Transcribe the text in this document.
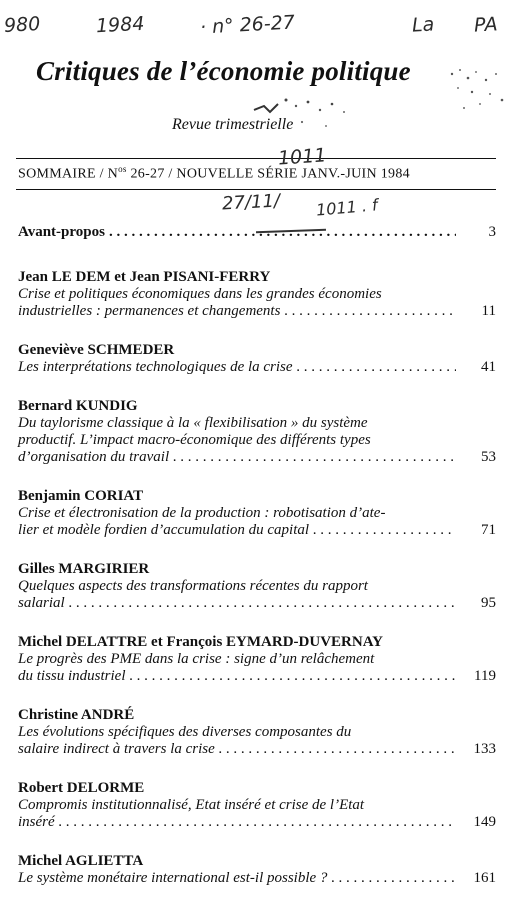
980	1984	· n° 26-27	La PA
Critiques de l’économie politique
Revue trimestrielle
SOMMAIRE / $N^{os}$ 26-27 / NOUVELLE SÉRIE JANV.-JUIN 1984
1011
27/11/ 1011 . f
Avant-propos . . .	3
Jean LE DEM et Jean PISANI-FERRY
Crise et politiques économiques dans les grandes économies
industrielles : permanences et changements . . .	11
Geneviève SCHMEDER
Les interprétations technologiques de la crise . . .	41
Bernard KUNDIG
Du taylorisme classique à la « flexibilisation » du système
productif. L’impact macro-économique des différents types
d’organisation du travail . . .	53
Benjamin CORIAT
Crise et électronisation de la production : robotisation d’ate-
lier et modèle fordien d’accumulation du capital . . .	71
Gilles MARGIRIER
Quelques aspects des transformations récentes du rapport
salarial . . .	95
Michel DELATTRE et François EYMARD-DUVERNAY
Le progrès des PME dans la crise : signe d’un relâchement
du tissu industriel . . .	119
Christine ANDRÉ
Les évolutions spécifiques des diverses composantes du
salaire indirect à travers la crise . . .	133
Robert DELORME
Compromis institutionnalisé, Etat inséré et crise de l’Etat
inséré . . .	149
Michel AGLIETTA
Le système monétaire international est-il possible ? . . .	161
